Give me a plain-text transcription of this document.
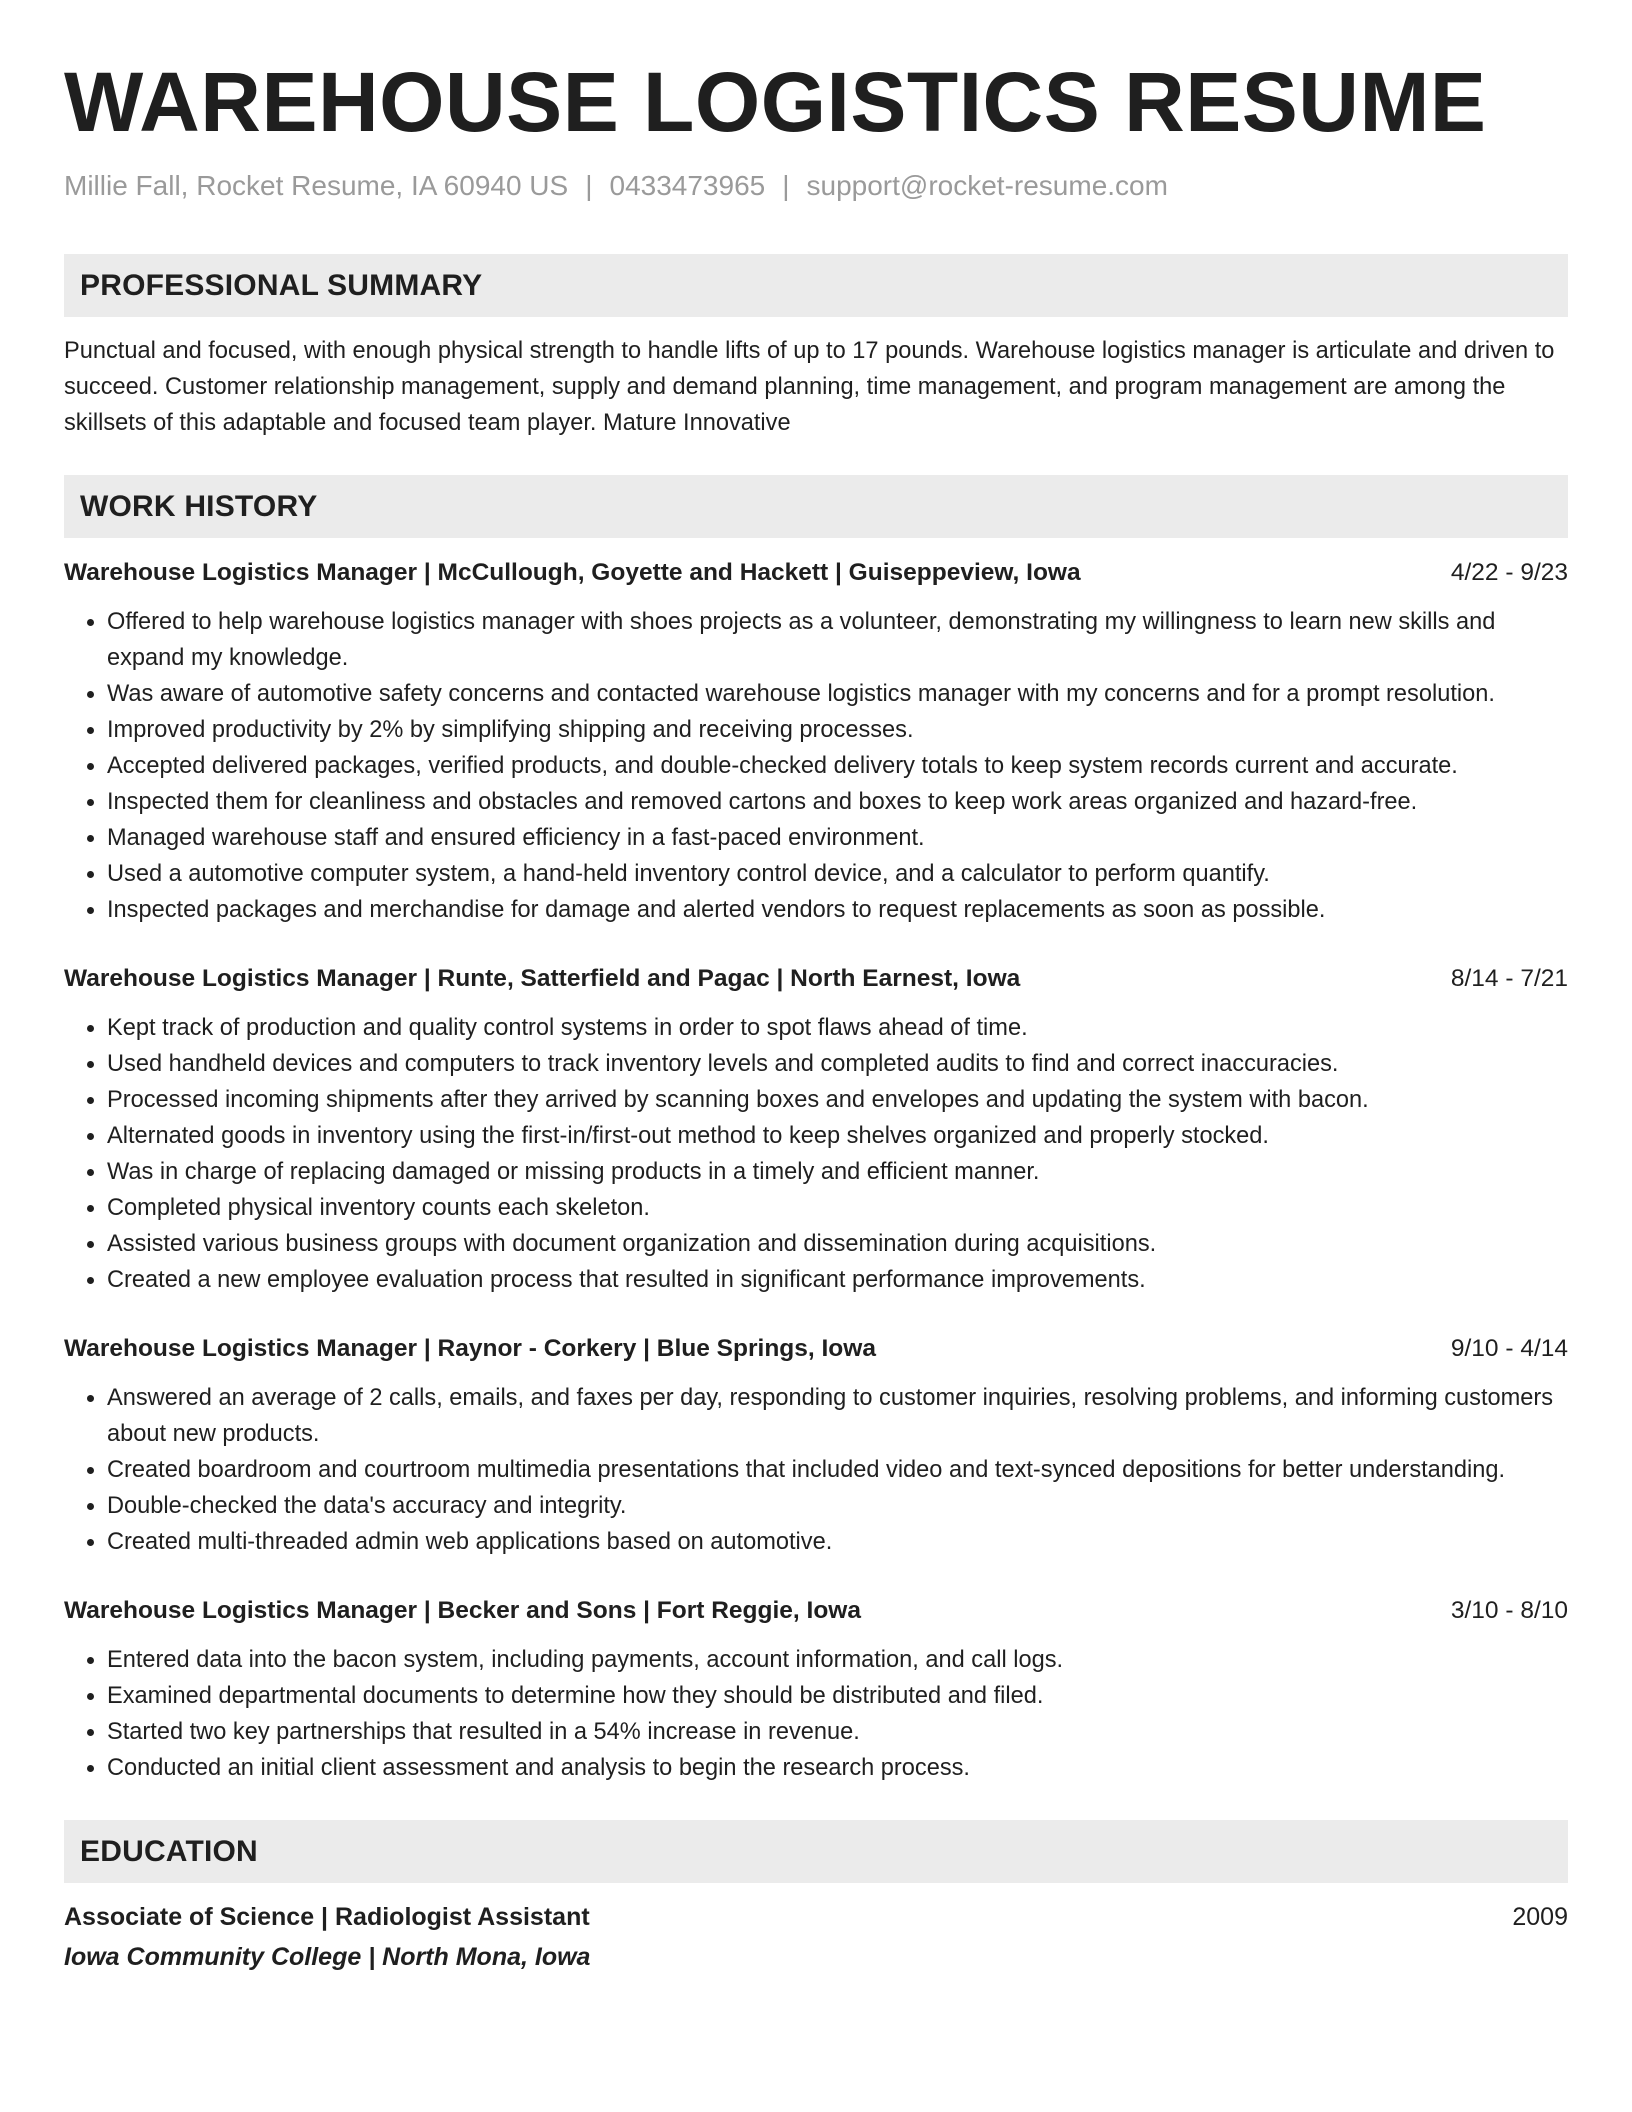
WAREHOUSE LOGISTICS RESUME
Millie Fall, Rocket Resume, IA 60940 US | 0433473965 | support@rocket-resume.com
PROFESSIONAL SUMMARY
Punctual and focused, with enough physical strength to handle lifts of up to 17 pounds. Warehouse logistics manager is articulate and driven to succeed. Customer relationship management, supply and demand planning, time management, and program management are among the skillsets of this adaptable and focused team player. Mature Innovative
WORK HISTORY
Warehouse Logistics Manager | McCullough, Goyette and Hackett | Guiseppeview, Iowa	4/22 - 9/23
• Offered to help warehouse logistics manager with shoes projects as a volunteer, demonstrating my willingness to learn new skills and expand my knowledge.
• Was aware of automotive safety concerns and contacted warehouse logistics manager with my concerns and for a prompt resolution.
• Improved productivity by 2% by simplifying shipping and receiving processes.
• Accepted delivered packages, verified products, and double-checked delivery totals to keep system records current and accurate.
• Inspected them for cleanliness and obstacles and removed cartons and boxes to keep work areas organized and hazard-free.
• Managed warehouse staff and ensured efficiency in a fast-paced environment.
• Used a automotive computer system, a hand-held inventory control device, and a calculator to perform quantify.
• Inspected packages and merchandise for damage and alerted vendors to request replacements as soon as possible.
Warehouse Logistics Manager | Runte, Satterfield and Pagac | North Earnest, Iowa	8/14 - 7/21
• Kept track of production and quality control systems in order to spot flaws ahead of time.
• Used handheld devices and computers to track inventory levels and completed audits to find and correct inaccuracies.
• Processed incoming shipments after they arrived by scanning boxes and envelopes and updating the system with bacon.
• Alternated goods in inventory using the first-in/first-out method to keep shelves organized and properly stocked.
• Was in charge of replacing damaged or missing products in a timely and efficient manner.
• Completed physical inventory counts each skeleton.
• Assisted various business groups with document organization and dissemination during acquisitions.
• Created a new employee evaluation process that resulted in significant performance improvements.
Warehouse Logistics Manager | Raynor - Corkery | Blue Springs, Iowa	9/10 - 4/14
• Answered an average of 2 calls, emails, and faxes per day, responding to customer inquiries, resolving problems, and informing customers about new products.
• Created boardroom and courtroom multimedia presentations that included video and text-synced depositions for better understanding.
• Double-checked the data's accuracy and integrity.
• Created multi-threaded admin web applications based on automotive.
Warehouse Logistics Manager | Becker and Sons | Fort Reggie, Iowa	3/10 - 8/10
• Entered data into the bacon system, including payments, account information, and call logs.
• Examined departmental documents to determine how they should be distributed and filed.
• Started two key partnerships that resulted in a 54% increase in revenue.
• Conducted an initial client assessment and analysis to begin the research process.
EDUCATION
Associate of Science | Radiologist Assistant	2009
Iowa Community College | North Mona, Iowa
